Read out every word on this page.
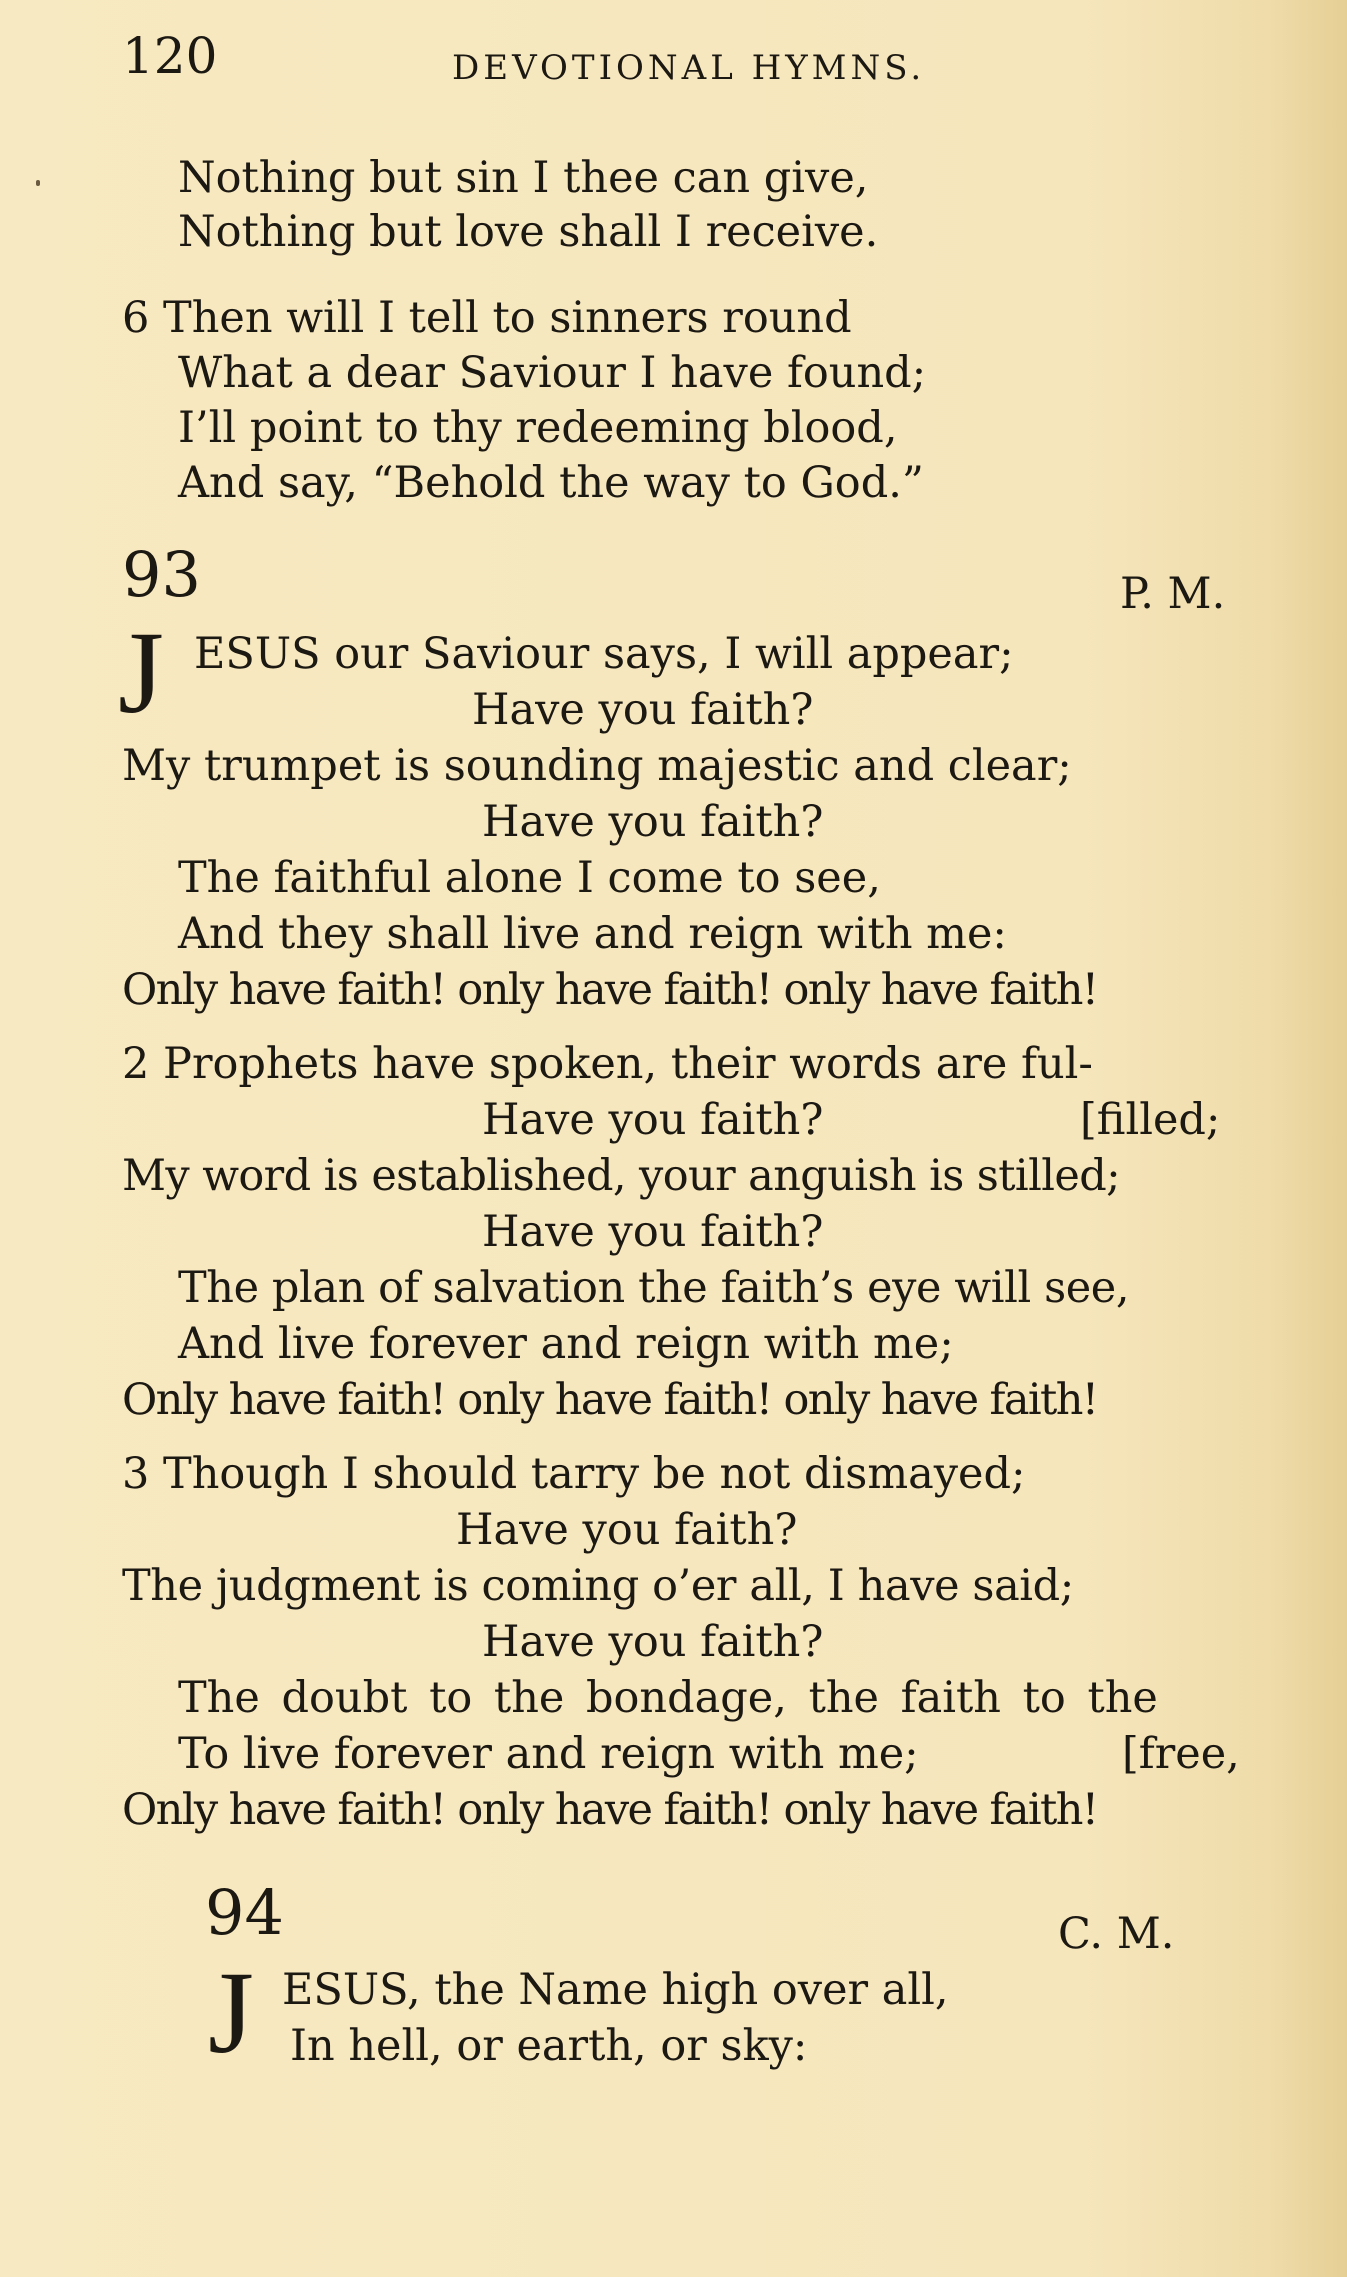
120	DEVOTIONAL HYMNS.
Nothing but sin I thee can give,
Nothing but love shall I receive.
6 Then will I tell to sinners round
What a dear Saviour I have found;
I’ll point to thy redeeming blood,
And say, “Behold the way to God.”
93	P. M.
J ESUS our Saviour says, I will appear;
Have you faith?
My trumpet is sounding majestic and clear;
Have you faith?
The faithful alone I come to see,
And they shall live and reign with me:
Only have faith! only have faith! only have faith!
2 Prophets have spoken, their words are ful-
Have you faith?	[filled;
My word is established, your anguish is stilled;
Have you faith?
The plan of salvation the faith’s eye will see,
And live forever and reign with me;
Only have faith! only have faith! only have faith!
3 Though I should tarry be not dismayed;
Have you faith?
The judgment is coming o’er all, I have said;
Have you faith?
The doubt to the bondage, the faith to the
To live forever and reign with me;	[free,
Only have faith! only have faith! only have faith!
94	C. M.
J ESUS, the Name high over all,
In hell, or earth, or sky:
